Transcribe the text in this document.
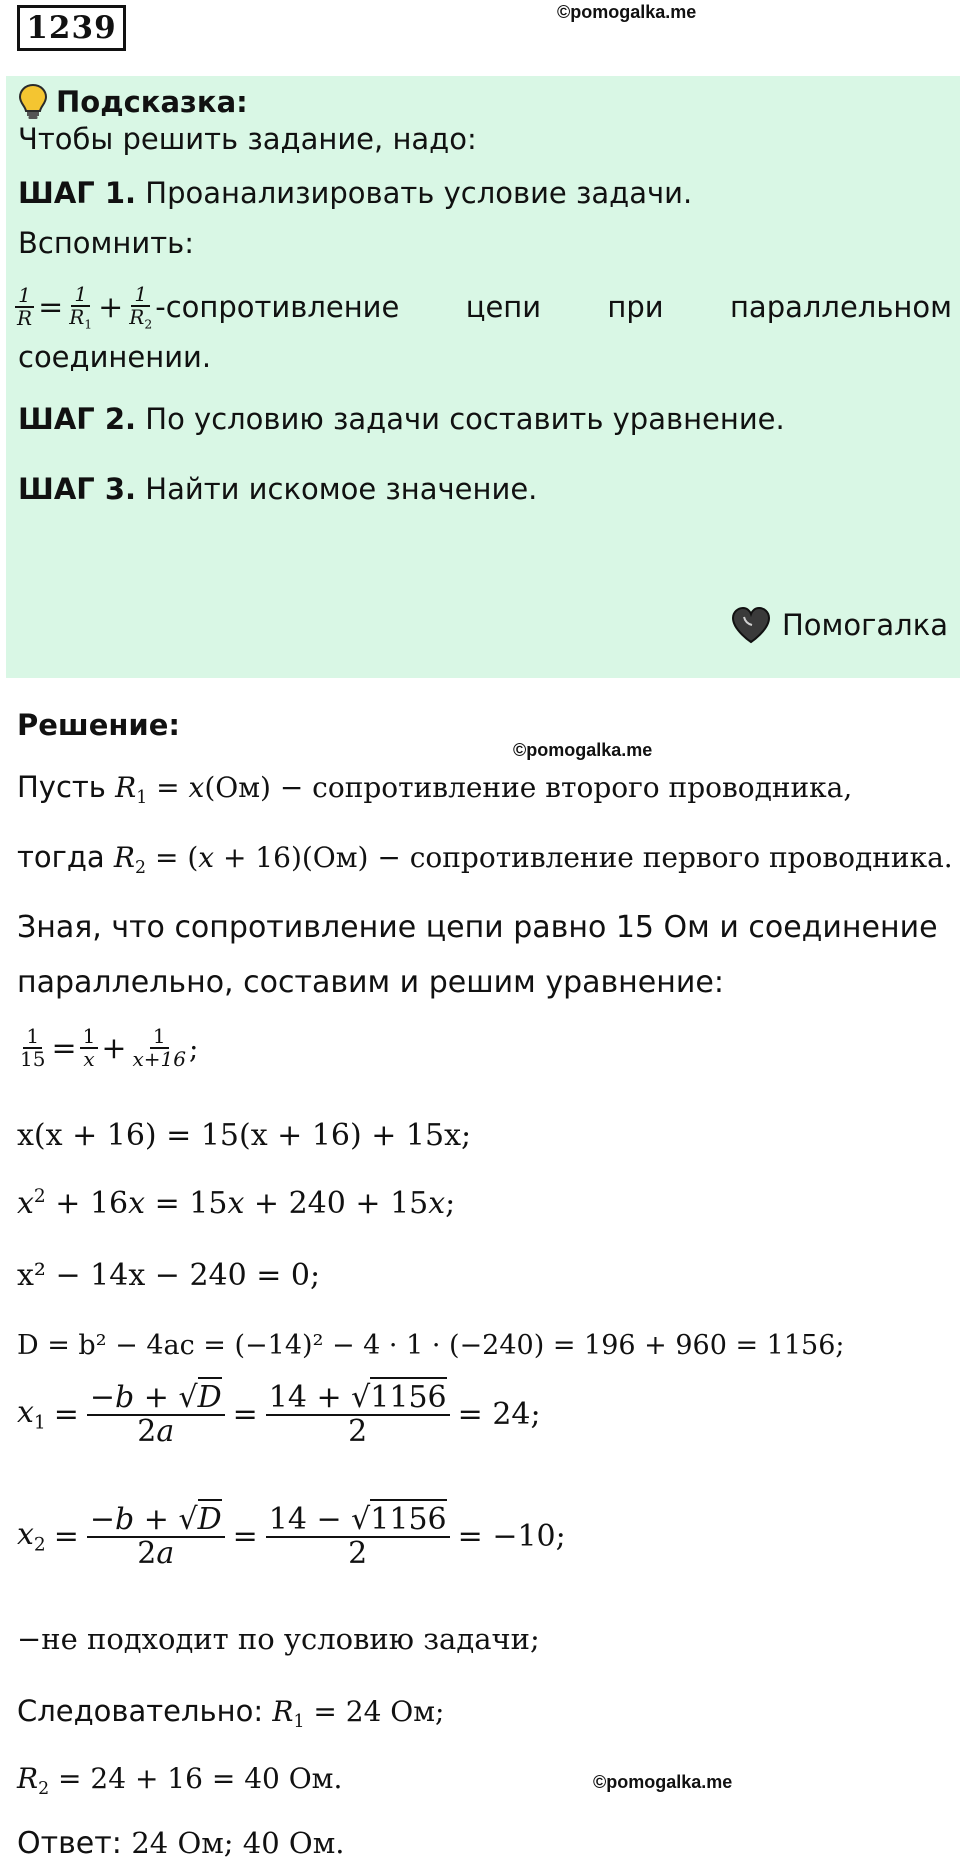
1239	©pomogalka.me
Подсказка:
Чтобы решить задание, надо:
ШАГ 1. Проанализировать условие задачи.
Вспомнить:
$\frac{1}{R} = \frac{1}{R_1} + \frac{1}{R_2}$ -сопротивление цепи при параллельном
соединении.
ШАГ 2. По условию задачи составить уравнение.
ШАГ 3. Найти искомое значение.
Помогалка
Решение:
©pomogalka.me
Пусть $R_1 = x(Ом)$ − сопротивление второго проводника,
тогда $R_2 = (x + 16)(Ом)$ − сопротивление первого проводника.
Зная, что сопротивление цепи равно 15 Ом и соединение
параллельно, составим и решим уравнение:
$\frac{1}{15} = \frac{1}{x} + \frac{1}{x+16}$ ;
x(x + 16) = 15(x + 16) + 15x;
$x^2 + 16x = 15x + 240 + 15x$;
x² − 14x − 240 = 0;
D = b² − 4ac = (−14)² − 4 · 1 · (−240) = 196 + 960 = 1156;
$x_1 = \frac{-b + √D}{2a} = \frac{14 + √1156}{2} = 24$;
$x_2 = \frac{-b + √D}{2a} = \frac{14 - √1156}{2} = -10$;
−не подходит по условию задачи;
Следовательно: $R_1 = 24$ Ом;
$R_2 = 24 + 16 = 40$ Ом.	©pomogalka.me
Ответ: 24 Ом; 40 Ом.
